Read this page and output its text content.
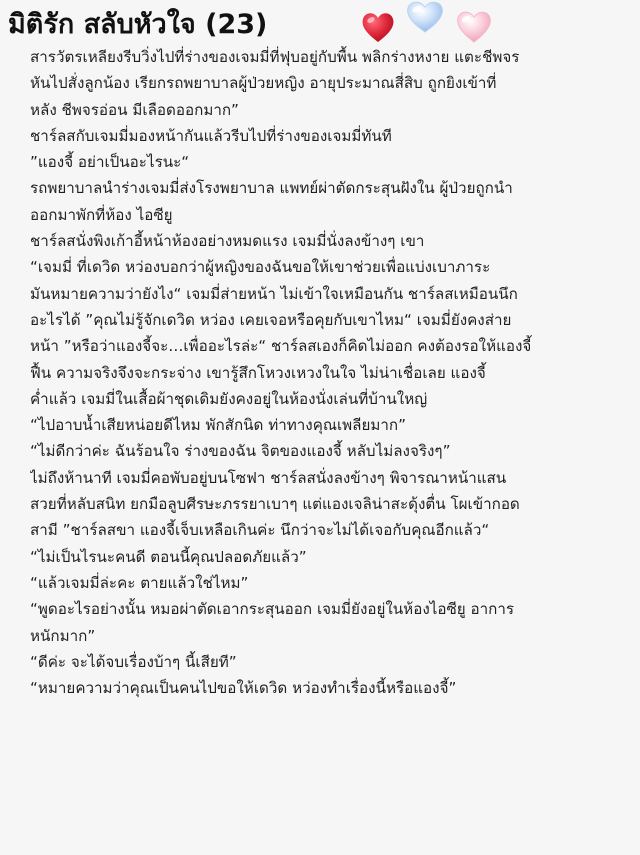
มิติรัก สลับหัวใจ (23)
สารวัตรเหลียงรีบวิ่งไปที่ร่างของเจมมี่ที่ฟุบอยู่กับพื้น พลิกร่างหงาย แตะชีพจร
หันไปสั่งลูกน้อง เรียกรถพยาบาลผู้ป่วยหญิง อายุประมาณสี่สิบ ถูกยิงเข้าที่
หลัง ชีพจรอ่อน มีเลือดออกมาก”
ชาร์ลสกับเจมมี่มองหน้ากันแล้วรีบไปที่ร่างของเจมมี่ทันที
”แองจี้ อย่าเป็นอะไรนะ“
รถพยาบาลนำร่างเจมมี่ส่งโรงพยาบาล แพทย์ผ่าตัดกระสุนฝังใน ผู้ป่วยถูกนำ
ออกมาพักที่ห้อง ไอซียู
ชาร์ลสนั่งพิงเก้าอี้หน้าห้องอย่างหมดแรง เจมมี่นั่งลงข้างๆ เขา
“เจมมี่ ที่เดวิด หว่องบอกว่าผู้หญิงของฉันขอให้เขาช่วยเพื่อแบ่งเบาภาระ
มันหมายความว่ายังไง“ เจมมี่ส่ายหน้า ไม่เข้าใจเหมือนกัน ชาร์ลสเหมือนนึก
อะไรได้ ”คุณไม่รู้จักเดวิด หว่อง เคยเจอหรือคุยกับเขาไหม“ เจมมี่ยังคงส่าย
หน้า ”หรือว่าแองจี้จะ…เพื่ออะไรล่ะ“ ชาร์ลสเองก็คิดไม่ออก คงต้องรอให้แองจี้
ฟื้น ความจริงจึงจะกระจ่าง เขารู้สึกโหวงเหวงในใจ ไม่น่าเชื่อเลย แองจี้
ค่ำแล้ว เจมมี่ในเสื้อผ้าชุดเดิมยังคงอยู่ในห้องนั่งเล่นที่บ้านใหญ่
“ไปอาบน้ำเสียหน่อยดีไหม พักสักนิด ท่าทางคุณเพลียมาก”
“ไม่ดีกว่าค่ะ ฉันร้อนใจ ร่างของฉัน จิตของแองจี้ หลับไม่ลงจริงๆ”
ไม่ถึงห้านาที เจมมี่คอพับอยู่บนโซฟา ชาร์ลสนั่งลงข้างๆ พิจารณาหน้าแสน
สวยที่หลับสนิท ยกมือลูบศีรษะภรรยาเบาๆ แต่แองเจลิน่าสะดุ้งตื่น โผเข้ากอด
สามี ”ชาร์ลสขา แองจี้เจ็บเหลือเกินค่ะ นึกว่าจะไม่ได้เจอกับคุณอีกแล้ว“
“ไม่เป็นไรนะคนดี ตอนนี้คุณปลอดภัยแล้ว”
“แล้วเจมมี่ล่ะคะ ตายแล้วใช่ไหม”
“พูดอะไรอย่างนั้น หมอผ่าตัดเอากระสุนออก เจมมี่ยังอยู่ในห้องไอซียู อาการ
หนักมาก”
“ดีค่ะ จะได้จบเรื่องบ้าๆ นี้เสียที”
“หมายความว่าคุณเป็นคนไปขอให้เดวิด หว่องทำเรื่องนี้หรือแองจี้”
